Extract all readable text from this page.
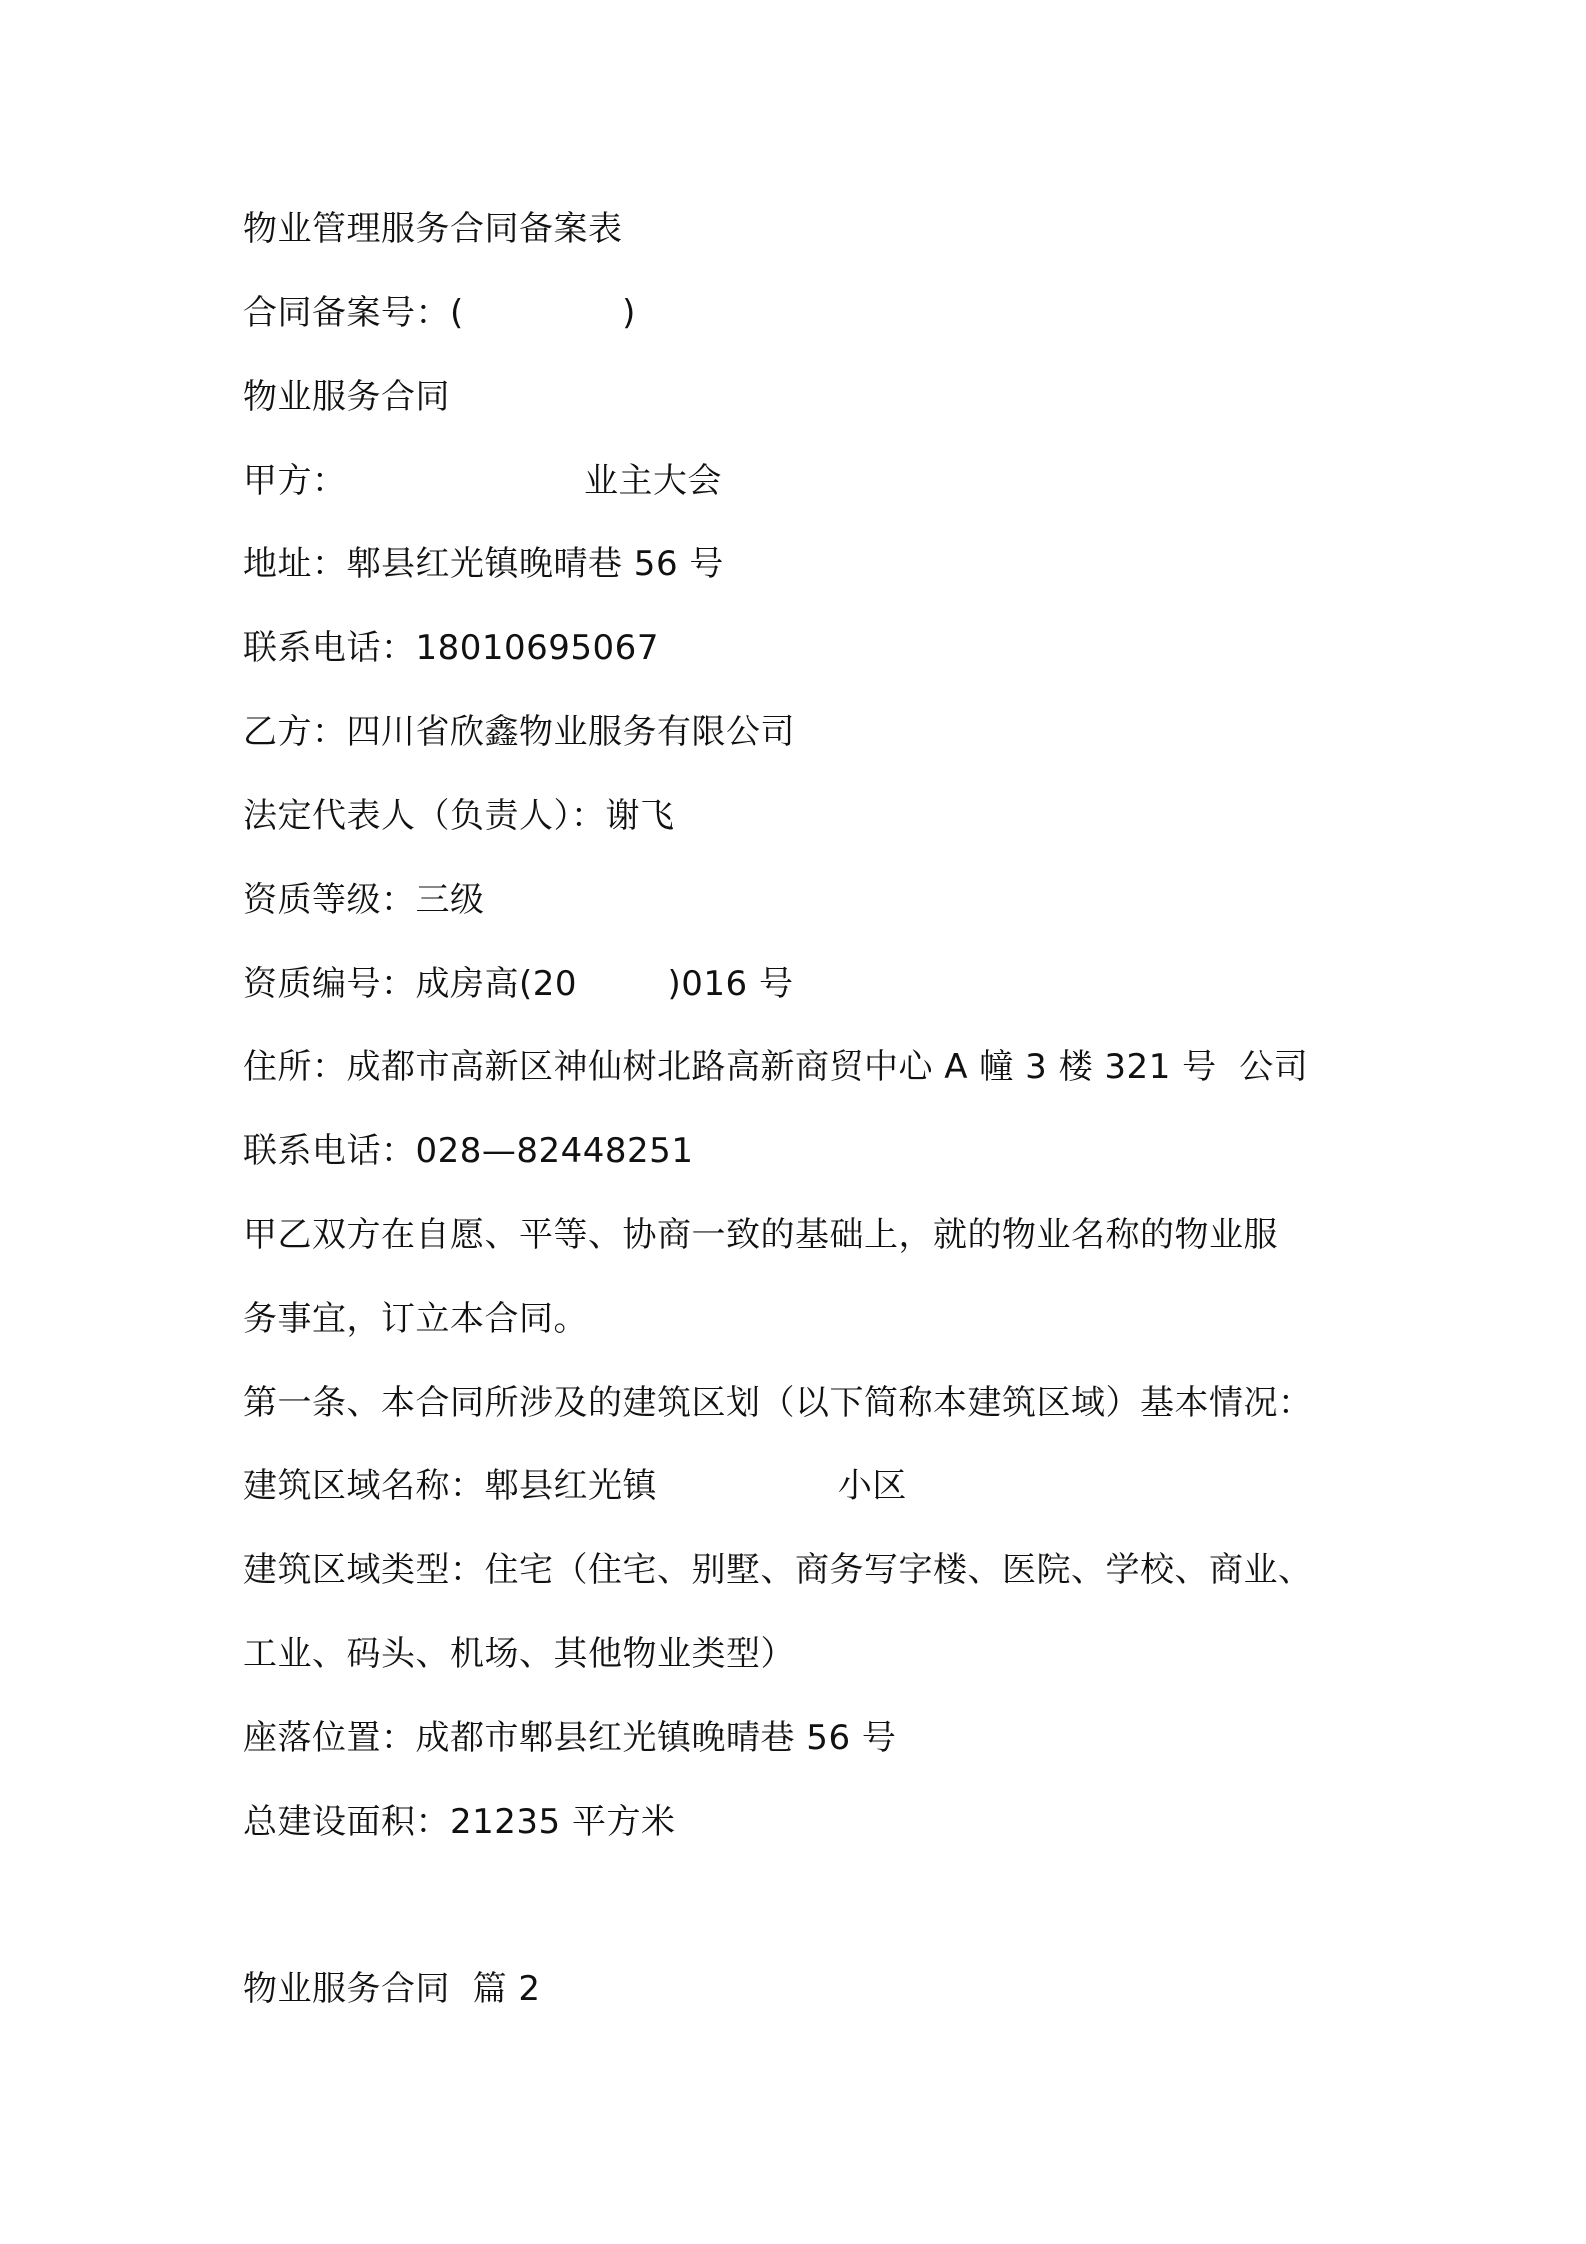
物业管理服务合同备案表
合同备案号：(              )
物业服务合同
甲方：                     业主大会
地址：郫县红光镇晚晴巷 56 号
联系电话：18010695067
乙方：四川省欣鑫物业服务有限公司
法定代表人（负责人）：谢飞
资质等级：三级
资质编号：成房高(20        )016 号
住所：成都市高新区神仙树北路高新商贸中心 A 幢 3 楼 321 号  公司
联系电话：028—82448251
甲乙双方在自愿、平等、协商一致的基础上，就的物业名称的物业服
务事宜，订立本合同。
第一条、本合同所涉及的建筑区划（以下简称本建筑区域）基本情况：
建筑区域名称：郫县红光镇                小区
建筑区域类型：住宅（住宅、别墅、商务写字楼、医院、学校、商业、
工业、码头、机场、其他物业类型）
座落位置：成都市郫县红光镇晚晴巷 56 号
总建设面积：21235 平方米
物业服务合同  篇 2
